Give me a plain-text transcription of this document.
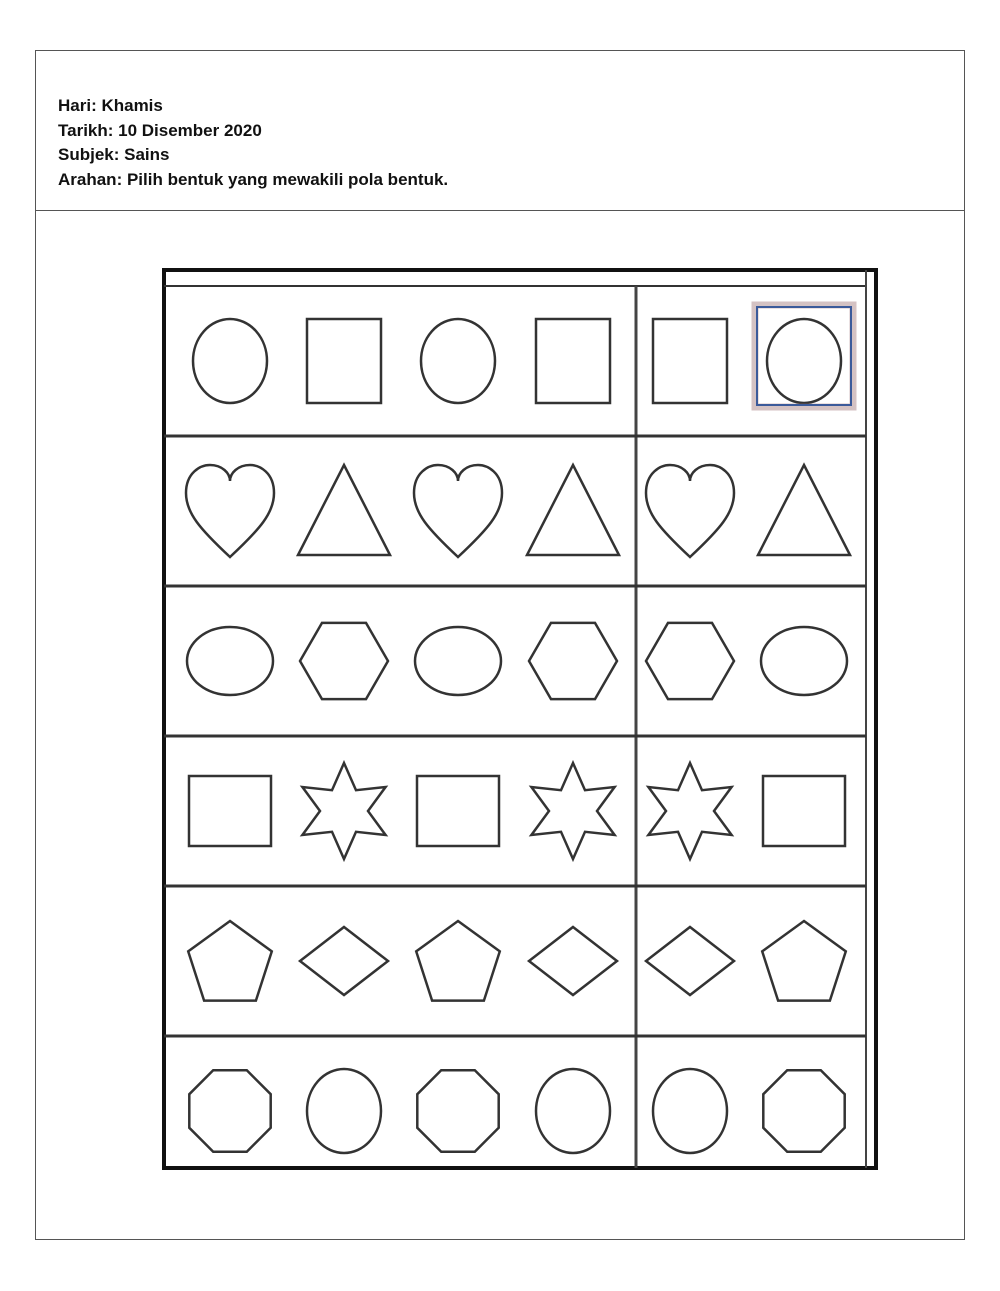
Hari: Khamis
Tarikh: 10 Disember 2020
Subjek: Sains
Arahan: Pilih bentuk yang mewakili pola bentuk.
